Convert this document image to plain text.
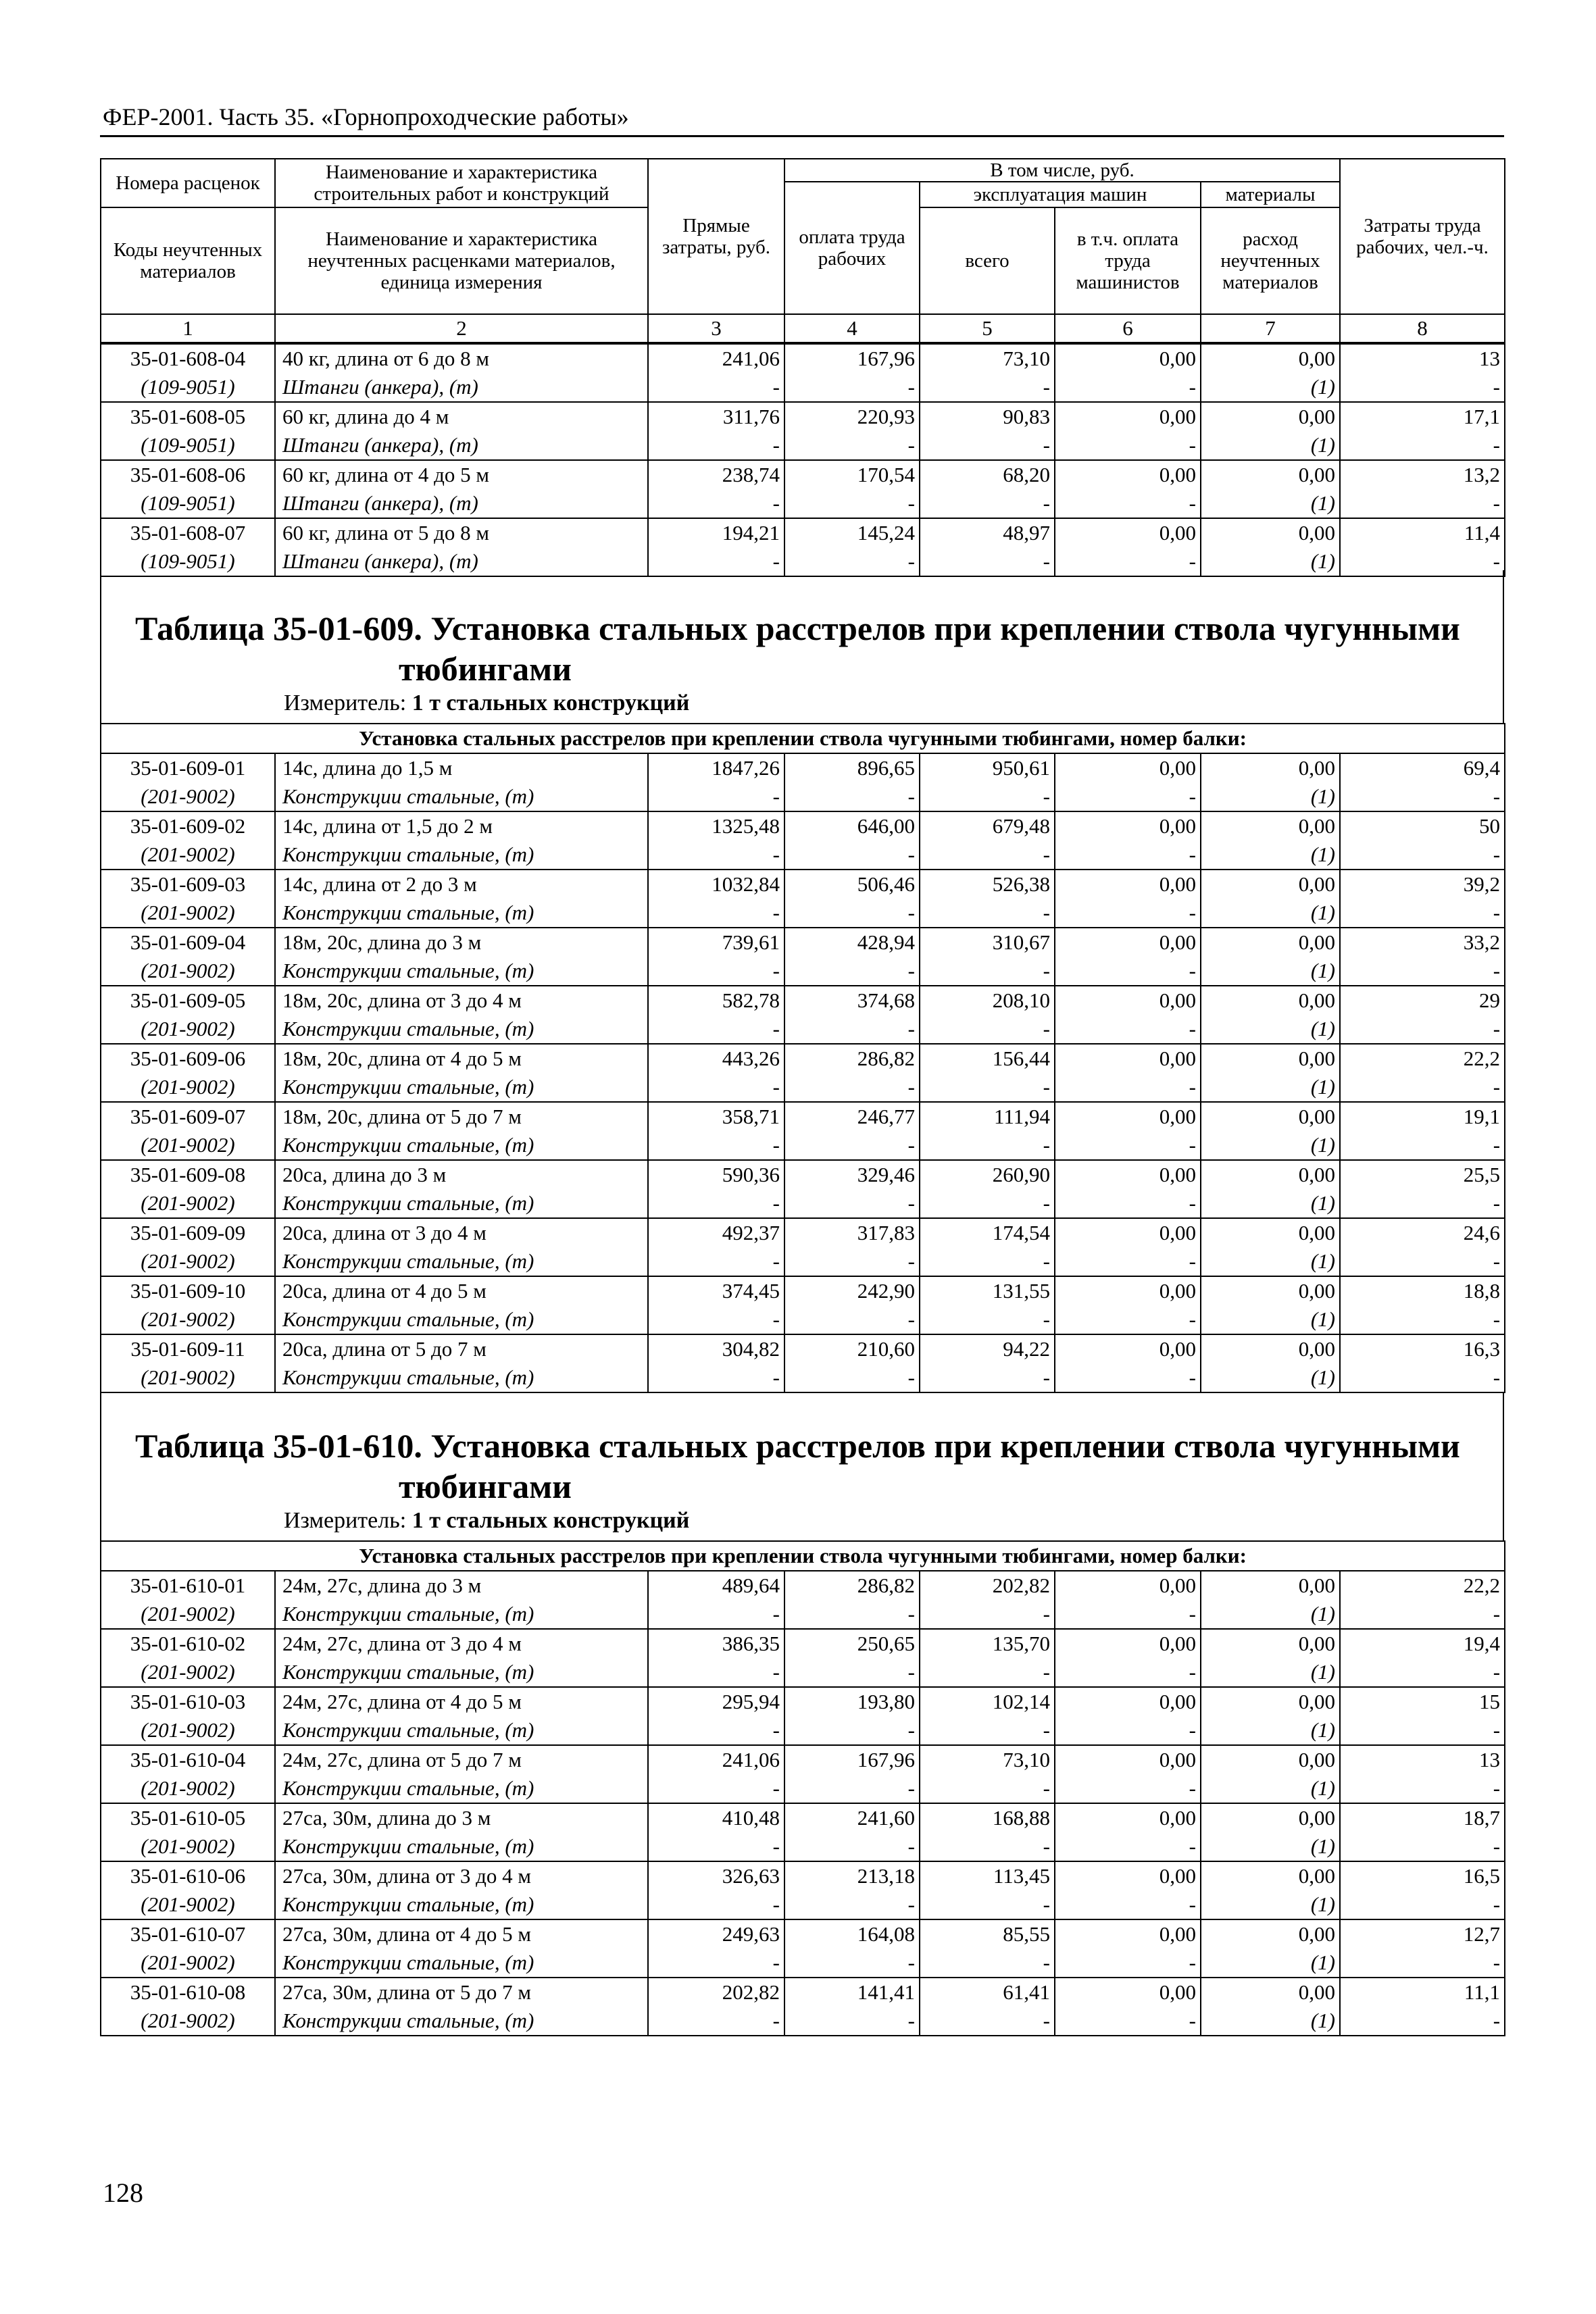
ФЕР-2001. Часть 35. «Горнопроходческие работы»
Номера расценок	Наименование и характеристика строительных работ и конструкций	Прямые затраты, руб.	В том числе, руб.				Затраты труда рабочих, чел.-ч.
			оплата труда рабочих	эксплуатация машин		материалы	
Коды неучтенных материалов	Наименование и характеристика неучтенных расценками материалов, единица измерения			всего	в т.ч. оплата труда машинистов	расход неучтенных материалов	

1	2	3	4	5	6	7	8
35-01-608-04	40 кг, длина от 6 до 8 м	241,06	167,96	73,10	0,00	0,00	13
(109-9051)	Штанги (анкера), (т)	-	-	-	-	(1)	-
35-01-608-05	60 кг, длина до 4 м	311,76	220,93	90,83	0,00	0,00	17,1
(109-9051)	Штанги (анкера), (т)	-	-	-	-	(1)	-
35-01-608-06	60 кг, длина от 4 до 5 м	238,74	170,54	68,20	0,00	0,00	13,2
(109-9051)	Штанги (анкера), (т)	-	-	-	-	(1)	-
35-01-608-07	60 кг, длина от 5 до 8 м	194,21	145,24	48,97	0,00	0,00	11,4
(109-9051)	Штанги (анкера), (т)	-	-	-	-	(1)	-
Таблица 35-01-609. Установка стальных расстрелов при креплении ствола чугунными
тюбингами
Измеритель: 1 т стальных конструкций
Установка стальных расстрелов при креплении ствола чугунными тюбингами, номер балки:							
35-01-609-01	14с, длина до 1,5 м	1847,26	896,65	950,61	0,00	0,00	69,4
(201-9002)	Конструкции стальные, (т)	-	-	-	-	(1)	-
35-01-609-02	14с, длина от 1,5 до 2 м	1325,48	646,00	679,48	0,00	0,00	50
(201-9002)	Конструкции стальные, (т)	-	-	-	-	(1)	-
35-01-609-03	14с, длина от 2 до 3 м	1032,84	506,46	526,38	0,00	0,00	39,2
(201-9002)	Конструкции стальные, (т)	-	-	-	-	(1)	-
35-01-609-04	18м, 20с, длина до 3 м	739,61	428,94	310,67	0,00	0,00	33,2
(201-9002)	Конструкции стальные, (т)	-	-	-	-	(1)	-
35-01-609-05	18м, 20с, длина от 3 до 4 м	582,78	374,68	208,10	0,00	0,00	29
(201-9002)	Конструкции стальные, (т)	-	-	-	-	(1)	-
35-01-609-06	18м, 20с, длина от 4 до 5 м	443,26	286,82	156,44	0,00	0,00	22,2
(201-9002)	Конструкции стальные, (т)	-	-	-	-	(1)	-
35-01-609-07	18м, 20с, длина от 5 до 7 м	358,71	246,77	111,94	0,00	0,00	19,1
(201-9002)	Конструкции стальные, (т)	-	-	-	-	(1)	-
35-01-609-08	20са, длина до 3 м	590,36	329,46	260,90	0,00	0,00	25,5
(201-9002)	Конструкции стальные, (т)	-	-	-	-	(1)	-
35-01-609-09	20са, длина от 3 до 4 м	492,37	317,83	174,54	0,00	0,00	24,6
(201-9002)	Конструкции стальные, (т)	-	-	-	-	(1)	-
35-01-609-10	20са, длина от 4 до 5 м	374,45	242,90	131,55	0,00	0,00	18,8
(201-9002)	Конструкции стальные, (т)	-	-	-	-	(1)	-
35-01-609-11	20са, длина от 5 до 7 м	304,82	210,60	94,22	0,00	0,00	16,3
(201-9002)	Конструкции стальные, (т)	-	-	-	-	(1)	-
Таблица 35-01-610. Установка стальных расстрелов при креплении ствола чугунными
тюбингами
Измеритель: 1 т стальных конструкций
Установка стальных расстрелов при креплении ствола чугунными тюбингами, номер балки:							
35-01-610-01	24м, 27с, длина до 3 м	489,64	286,82	202,82	0,00	0,00	22,2
(201-9002)	Конструкции стальные, (т)	-	-	-	-	(1)	-
35-01-610-02	24м, 27с, длина от 3 до 4 м	386,35	250,65	135,70	0,00	0,00	19,4
(201-9002)	Конструкции стальные, (т)	-	-	-	-	(1)	-
35-01-610-03	24м, 27с, длина от 4 до 5 м	295,94	193,80	102,14	0,00	0,00	15
(201-9002)	Конструкции стальные, (т)	-	-	-	-	(1)	-
35-01-610-04	24м, 27с, длина от 5 до 7 м	241,06	167,96	73,10	0,00	0,00	13
(201-9002)	Конструкции стальные, (т)	-	-	-	-	(1)	-
35-01-610-05	27са, 30м, длина до 3 м	410,48	241,60	168,88	0,00	0,00	18,7
(201-9002)	Конструкции стальные, (т)	-	-	-	-	(1)	-
35-01-610-06	27са, 30м, длина от 3 до 4 м	326,63	213,18	113,45	0,00	0,00	16,5
(201-9002)	Конструкции стальные, (т)	-	-	-	-	(1)	-
35-01-610-07	27са, 30м, длина от 4 до 5 м	249,63	164,08	85,55	0,00	0,00	12,7
(201-9002)	Конструкции стальные, (т)	-	-	-	-	(1)	-
35-01-610-08	27са, 30м, длина от 5 до 7 м	202,82	141,41	61,41	0,00	0,00	11,1
(201-9002)	Конструкции стальные, (т)	-	-	-	-	(1)	-
128
